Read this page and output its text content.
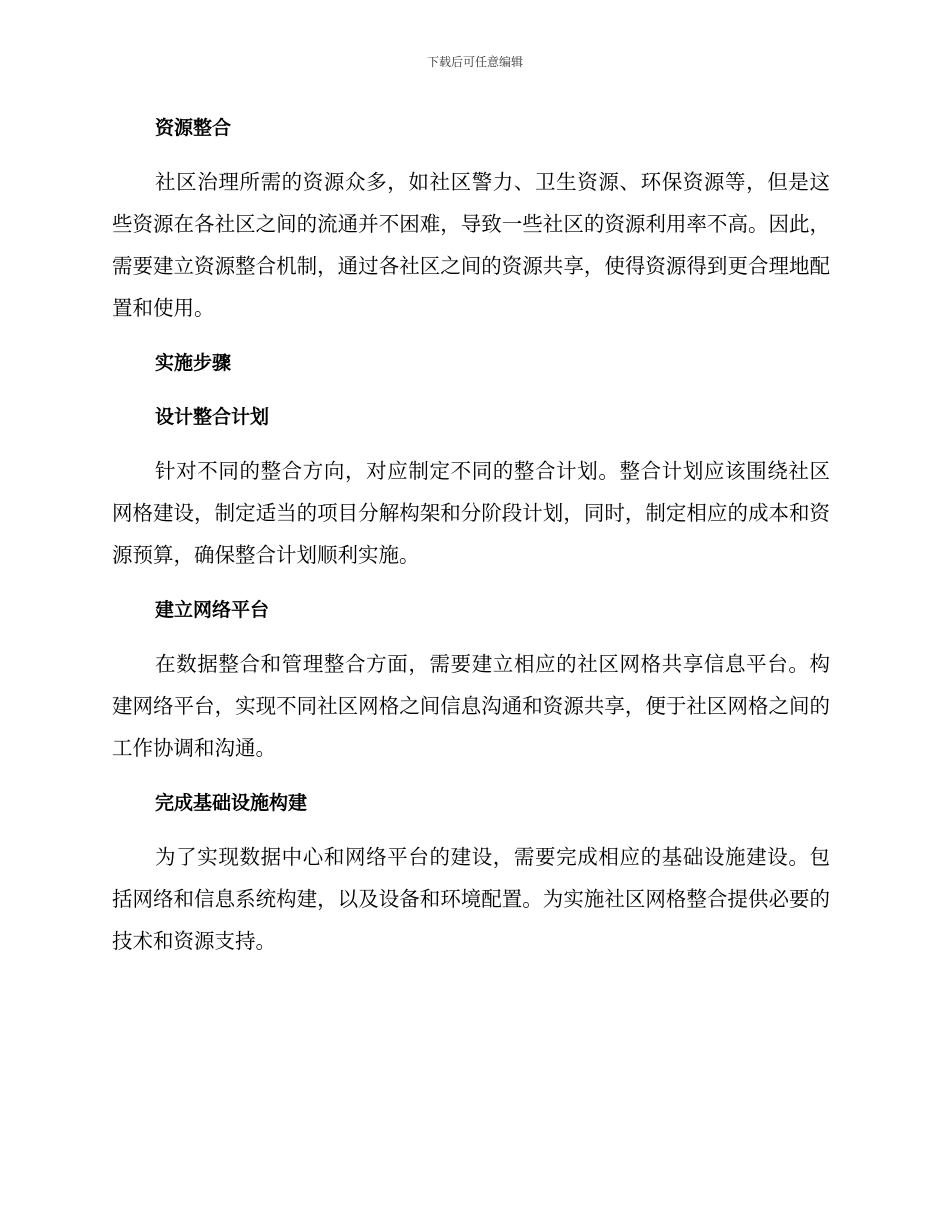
下载后可任意编辑
资源整合

社区治理所需的资源众多，如社区警力、卫生资源、环保资源等，但是这些资源在各社区之间的流通并不困难，导致一些社区的资源利用率不高。因此，需要建立资源整合机制，通过各社区之间的资源共享，使得资源得到更合理地配置和使用。

实施步骤
设计整合计划

针对不同的整合方向，对应制定不同的整合计划。整合计划应该围绕社区网格建设，制定适当的项目分解构架和分阶段计划，同时，制定相应的成本和资源预算，确保整合计划顺利实施。

建立网络平台

在数据整合和管理整合方面，需要建立相应的社区网格共享信息平台。构建网络平台，实现不同社区网格之间信息沟通和资源共享，便于社区网格之间的工作协调和沟通。

完成基础设施构建

为了实现数据中心和网络平台的建设，需要完成相应的基础设施建设。包括网络和信息系统构建，以及设备和环境配置。为实施社区网格整合提供必要的技术和资源支持。
